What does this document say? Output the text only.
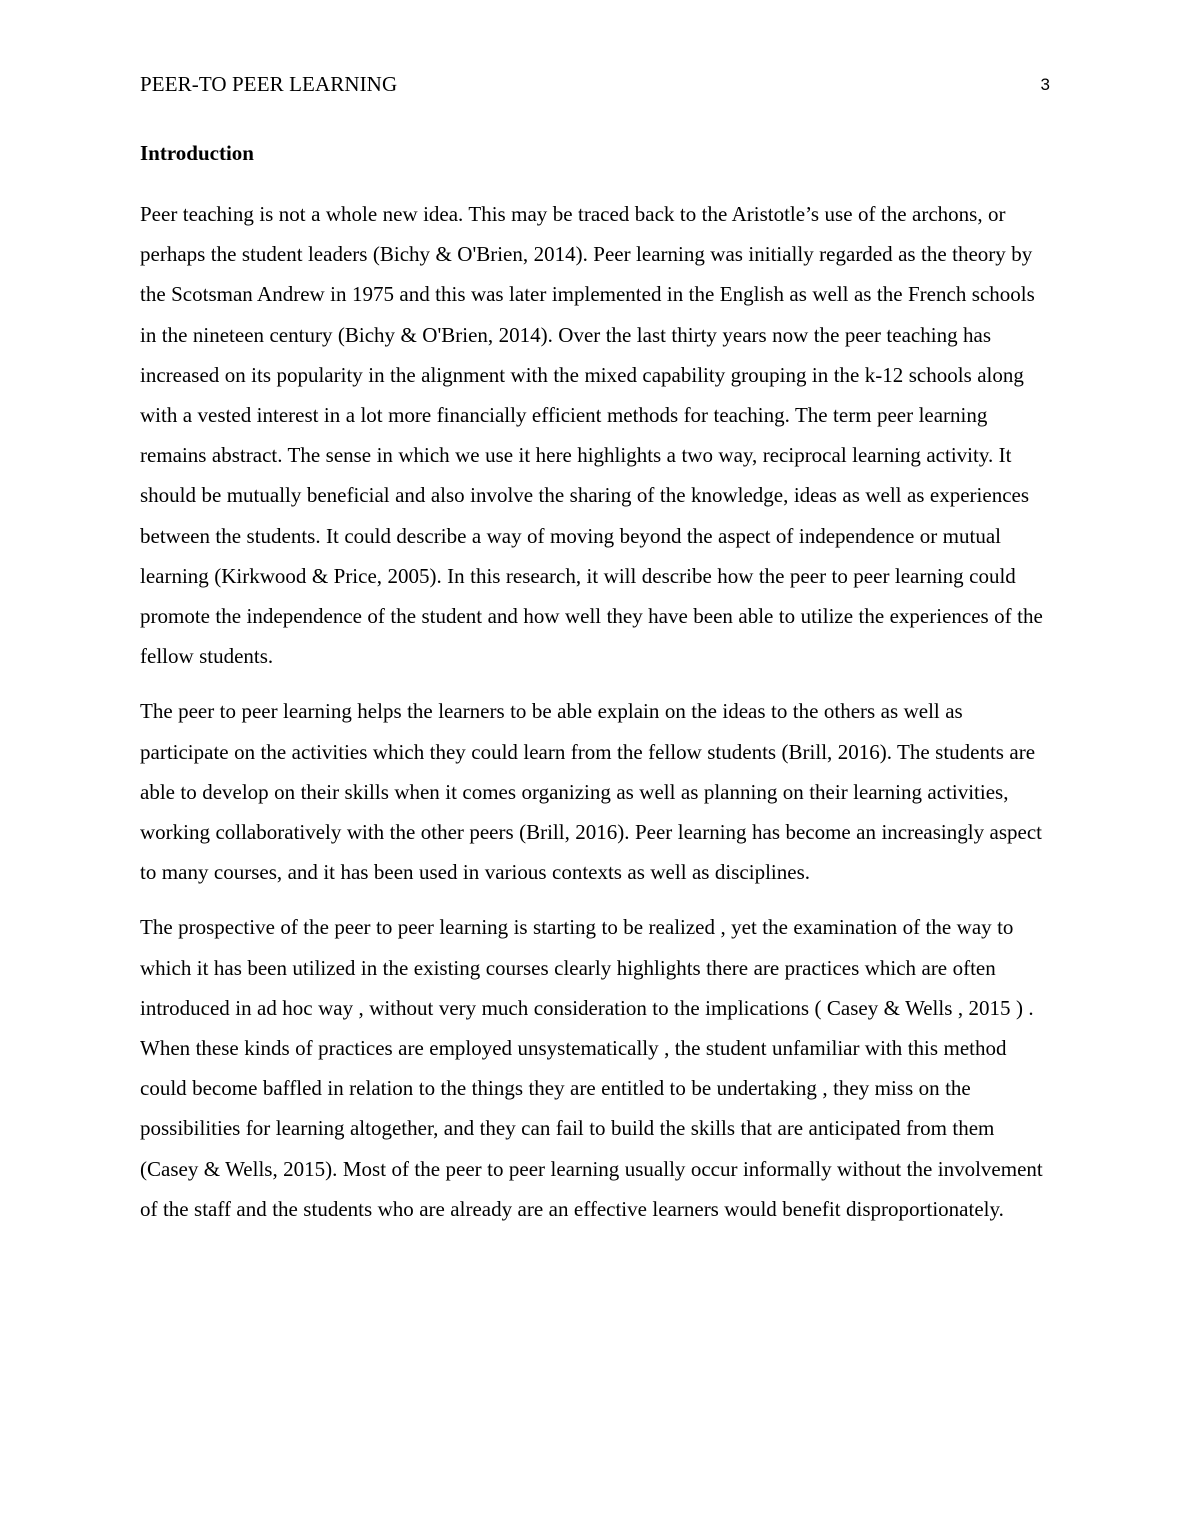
PEER-TO PEER LEARNING	3
Introduction

Peer teaching is not a whole new idea. This may be traced back to the Aristotle’s use of the archons, or perhaps the student leaders (Bichy & O'Brien, 2014). Peer learning was initially regarded as the theory by the Scotsman Andrew in 1975 and this was later implemented in the English as well as the French schools in the nineteen century (Bichy & O'Brien, 2014). Over the last thirty years now the peer teaching has increased on its popularity in the alignment with the mixed capability grouping in the k-12 schools along with a vested interest in a lot more financially efficient methods for teaching. The term peer learning remains abstract. The sense in which we use it here highlights a two way, reciprocal learning activity. It should be mutually beneficial and also involve the sharing of the knowledge, ideas as well as experiences between the students. It could describe a way of moving beyond the aspect of independence or mutual learning (Kirkwood & Price, 2005). In this research, it will describe how the peer to peer learning could promote the independence of the student and how well they have been able to utilize the experiences of the fellow students.

The peer to peer learning helps the learners to be able explain on the ideas to the others as well as participate on the activities which they could learn from the fellow students (Brill, 2016). The students are able to develop on their skills when it comes organizing as well as planning on their learning activities, working collaboratively with the other peers (Brill, 2016). Peer learning has become an increasingly aspect to many courses, and it has been used in various contexts as well as disciplines.

The prospective of the peer to peer learning is starting to be realized , yet the examination of the way to which it has been utilized in the existing courses clearly highlights there are practices which are often introduced in ad hoc way , without very much consideration to the implications ( Casey & Wells , 2015 ) . When these kinds of practices are employed unsystematically , the student unfamiliar with this method could become baffled in relation to the things they are entitled to be undertaking , they miss on the possibilities for learning altogether, and they can fail to build the skills that are anticipated from them (Casey & Wells, 2015). Most of the peer to peer learning usually occur informally without the involvement of the staff and the students who are already are an effective learners would benefit disproportionately.
